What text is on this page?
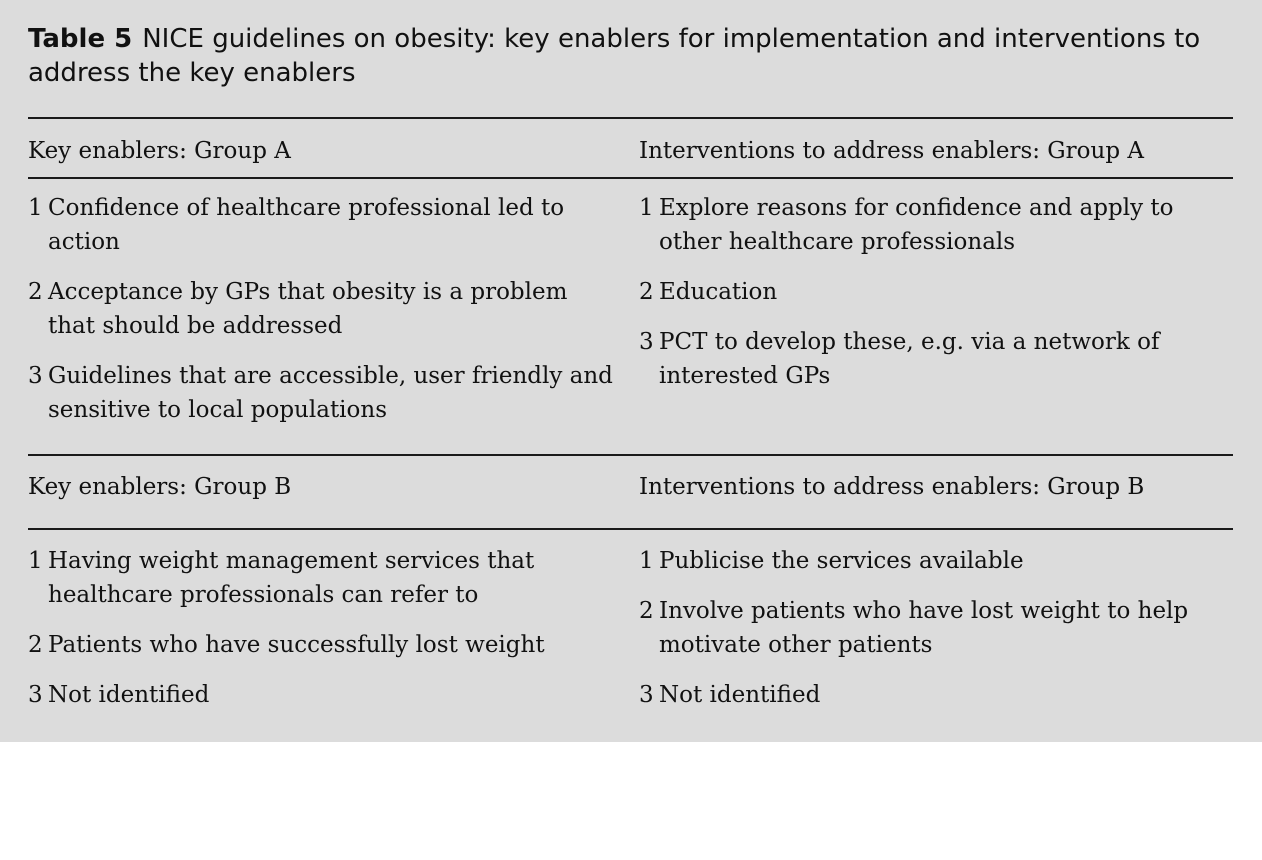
Table 5 NICE guidelines on obesity: key enablers for implementation and interventions to address the key enablers
Key enablers: Group A	Interventions to address enablers: Group A
1 Confidence of healthcare professional led to action
2 Acceptance by GPs that obesity is a problem that should be addressed
3 Guidelines that are accessible, user friendly and sensitive to local populations
1 Explore reasons for confidence and apply to other healthcare professionals
2 Education
3 PCT to develop these, e.g. via a network of interested GPs
Key enablers: Group B	Interventions to address enablers: Group B
1 Having weight management services that healthcare professionals can refer to
2 Patients who have successfully lost weight
3 Not identified
1 Publicise the services available
2 Involve patients who have lost weight to help motivate other patients
3 Not identified
